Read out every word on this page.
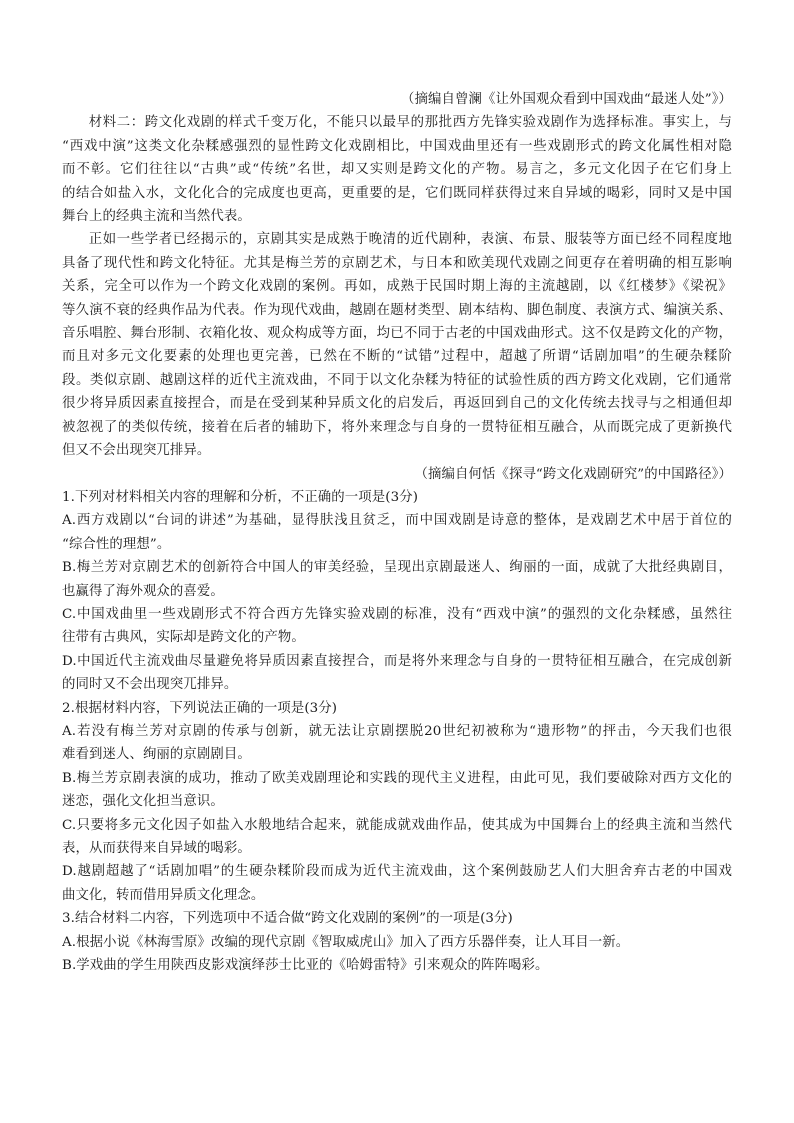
（摘编自曾澜《让外国观众看到中国戏曲“最迷人处”》）
材料二：跨文化戏剧的样式千变万化，不能只以最早的那批西方先锋实验戏剧作为选择标准。事实上，与
“西戏中演”这类文化杂糅感强烈的显性跨文化戏剧相比，中国戏曲里还有一些戏剧形式的跨文化属性相对隐
而不彰。它们往往以“古典”或“传统”名世，却又实则是跨文化的产物。易言之，多元文化因子在它们身上
的结合如盐入水，文化化合的完成度也更高，更重要的是，它们既同样获得过来自异域的喝彩，同时又是中国
舞台上的经典主流和当然代表。
正如一些学者已经揭示的，京剧其实是成熟于晚清的近代剧种，表演、布景、服装等方面已经不同程度地
具备了现代性和跨文化特征。尤其是梅兰芳的京剧艺术，与日本和欧美现代戏剧之间更存在着明确的相互影响
关系，完全可以作为一个跨文化戏剧的案例。再如，成熟于民国时期上海的主流越剧，以《红楼梦》《梁祝》
等久演不衰的经典作品为代表。作为现代戏曲，越剧在题材类型、剧本结构、脚色制度、表演方式、编演关系、
音乐唱腔、舞台形制、衣箱化妆、观众构成等方面，均已不同于古老的中国戏曲形式。这不仅是跨文化的产物，
而且对多元文化要素的处理也更完善，已然在不断的“试错”过程中，超越了所谓“话剧加唱”的生硬杂糅阶
段。类似京剧、越剧这样的近代主流戏曲，不同于以文化杂糅为特征的试验性质的西方跨文化戏剧，它们通常
很少将异质因素直接捏合，而是在受到某种异质文化的启发后，再返回到自己的文化传统去找寻与之相通但却
被忽视了的类似传统，接着在后者的辅助下，将外来理念与自身的一贯特征相互融合，从而既完成了更新换代
但又不会出现突兀排异。
（摘编自何恬《探寻“跨文化戏剧研究”的中国路径》）
1.下列对材料相关内容的理解和分析，不正确的一项是(3分)
A.西方戏剧以“台词的讲述”为基础，显得肤浅且贫乏，而中国戏剧是诗意的整体，是戏剧艺术中居于首位的
“综合性的理想”。
B.梅兰芳对京剧艺术的创新符合中国人的审美经验，呈现出京剧最迷人、绚丽的一面，成就了大批经典剧目，
也赢得了海外观众的喜爱。
C.中国戏曲里一些戏剧形式不符合西方先锋实验戏剧的标准，没有“西戏中演”的强烈的文化杂糅感，虽然往
往带有古典风，实际却是跨文化的产物。
D.中国近代主流戏曲尽量避免将异质因素直接捏合，而是将外来理念与自身的一贯特征相互融合，在完成创新
的同时又不会出现突兀排异。
2.根据材料内容，下列说法正确的一项是(3分)
A.若没有梅兰芳对京剧的传承与创新，就无法让京剧摆脱20世纪初被称为“遗形物”的抨击，今天我们也很
难看到迷人、绚丽的京剧剧目。
B.梅兰芳京剧表演的成功，推动了欧美戏剧理论和实践的现代主义进程，由此可见，我们要破除对西方文化的
迷恋，强化文化担当意识。
C.只要将多元文化因子如盐入水般地结合起来，就能成就戏曲作品，使其成为中国舞台上的经典主流和当然代
表，从而获得来自异域的喝彩。
D.越剧超越了“话剧加唱”的生硬杂糅阶段而成为近代主流戏曲，这个案例鼓励艺人们大胆舍弃古老的中国戏
曲文化，转而借用异质文化理念。
3.结合材料二内容，下列选项中不适合做“跨文化戏剧的案例”的一项是(3分)
A.根据小说《林海雪原》改编的现代京剧《智取威虎山》加入了西方乐器伴奏，让人耳目一新。
B.学戏曲的学生用陕西皮影戏演绎莎士比亚的《哈姆雷特》引来观众的阵阵喝彩。
